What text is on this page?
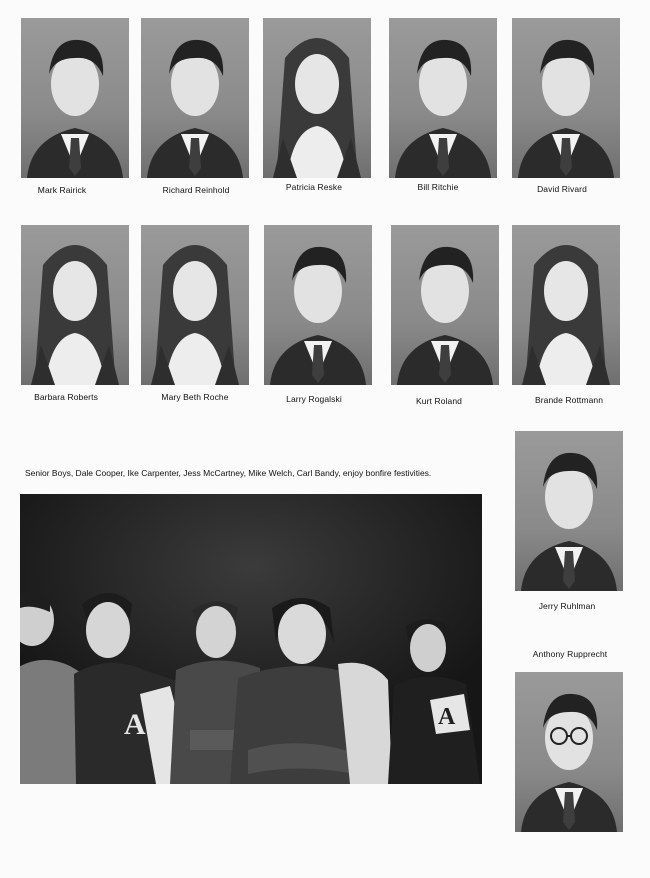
Mark Rairick	Richard Reinhold	Patricia Reske	Bill Ritchie	David Rivard
Barbara Roberts	Mary Beth Roche	Larry Rogalski	Kurt Roland	Brande Rottmann
Jerry Ruhlman
Anthony Rupprecht
Senior Boys, Dale Cooper, Ike Carpenter, Jess McCartney, Mike Welch, Carl Bandy, enjoy bonfire festivities.
A	A
